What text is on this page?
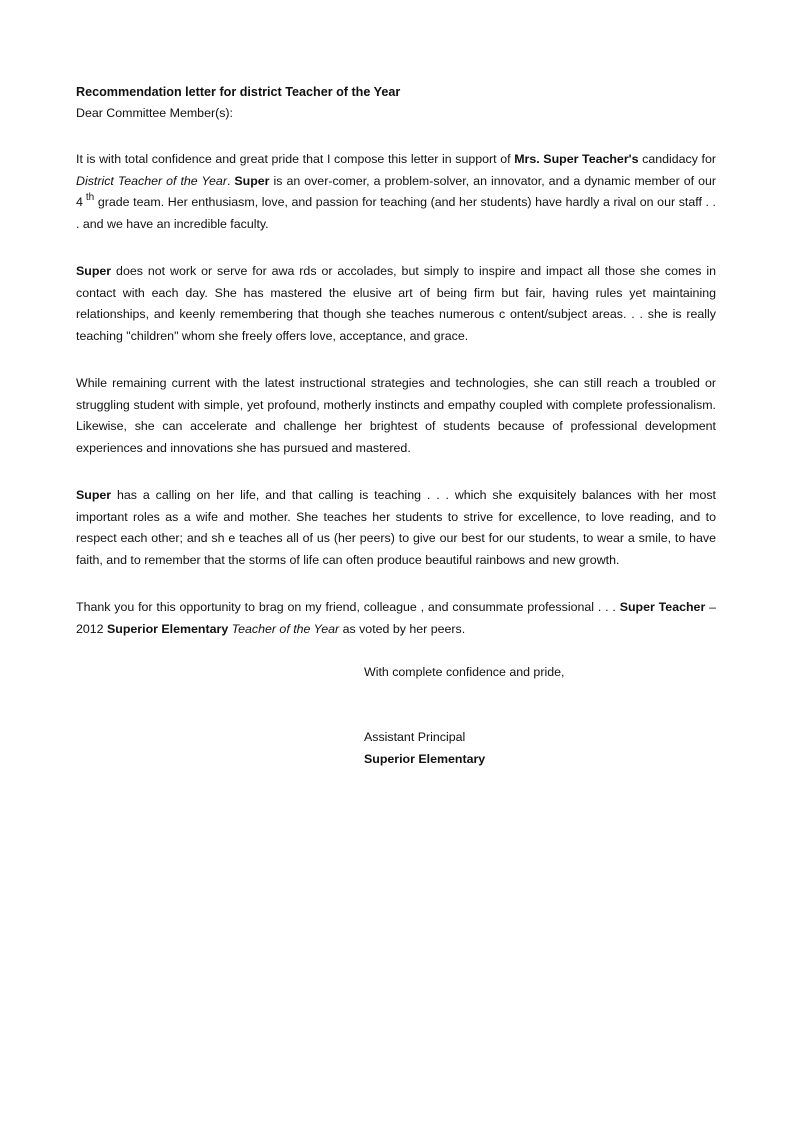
Recommendation letter for district Teacher of the Year

Dear Committee Member(s):

It is with total confidence and great pride that I compose this letter in support of Mrs. Super Teacher's candidacy for District Teacher of the Year. Super is an over-comer, a problem-solver, an innovator, and a dynamic member of our 4 $^{th}$ grade team. Her enthusiasm, love, and passion for teaching (and her students) have hardly a rival on our staff . . . and we have an incredible faculty.

Super does not work or serve for awa rds or accolades, but simply to inspire and impact all those she comes in contact with each day. She has mastered the elusive art of being firm but fair, having rules yet maintaining relationships, and keenly remembering that though she teaches numerous c ontent/subject areas. . . she is really teaching "children" whom she freely offers love, acceptance, and grace.

While remaining current with the latest instructional strategies and technologies, she can still reach a troubled or struggling student with simple, yet profound, motherly instincts and empathy coupled with complete professionalism. Likewise, she can accelerate and challenge her brightest of students because of professional development experiences and innovations she has pursued and mastered.

Super has a calling on her life, and that calling is teaching . . . which she exquisitely balances with her most important roles as a wife and mother. She teaches her students to strive for excellence, to love reading, and to respect each other; and sh e teaches all of us (her peers) to give our best for our students, to wear a smile, to have faith, and to remember that the storms of life can often produce beautiful rainbows and new growth.

Thank you for this opportunity to brag on my friend, colleague , and consummate professional . . . Super Teacher – 2012 Superior Elementary Teacher of the Year as voted by her peers.

With complete confidence and pride,
Assistant Principal
Superior Elementary
